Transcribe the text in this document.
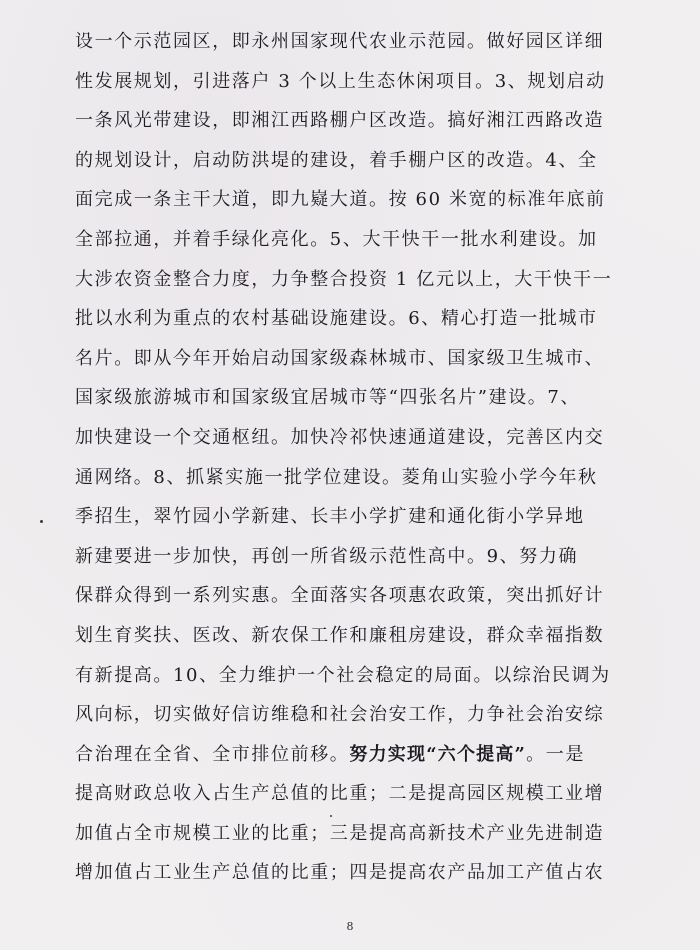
设一个示范园区，即永州国家现代农业示范园。做好园区详细
性发展规划，引进落户 3 个以上生态休闲项目。3、规划启动
一条风光带建设，即湘江西路棚户区改造。搞好湘江西路改造
的规划设计，启动防洪堤的建设，着手棚户区的改造。4、全
面完成一条主干大道，即九嶷大道。按 60 米宽的标准年底前
全部拉通，并着手绿化亮化。5、大干快干一批水利建设。加
大涉农资金整合力度，力争整合投资 1 亿元以上，大干快干一
批以水利为重点的农村基础设施建设。6、精心打造一批城市
名片。即从今年开始启动国家级森林城市、国家级卫生城市、
国家级旅游城市和国家级宜居城市等“四张名片”建设。7、
加快建设一个交通枢纽。加快冷祁快速通道建设，完善区内交
通网络。8、抓紧实施一批学位建设。菱角山实验小学今年秋
季招生，翠竹园小学新建、长丰小学扩建和通化街小学异地
新建要进一步加快，再创一所省级示范性高中。9、努力确
保群众得到一系列实惠。全面落实各项惠农政策，突出抓好计
划生育奖扶、医改、新农保工作和廉租房建设，群众幸福指数
有新提高。10、全力维护一个社会稳定的局面。以综治民调为
风向标，切实做好信访维稳和社会治安工作，力争社会治安综
合治理在全省、全市排位前移。努力实现“六个提高”。一是
提高财政总收入占生产总值的比重；二是提高园区规模工业增
加值占全市规模工业的比重；三是提高高新技术产业先进制造
增加值占工业生产总值的比重；四是提高农产品加工产值占农
8
